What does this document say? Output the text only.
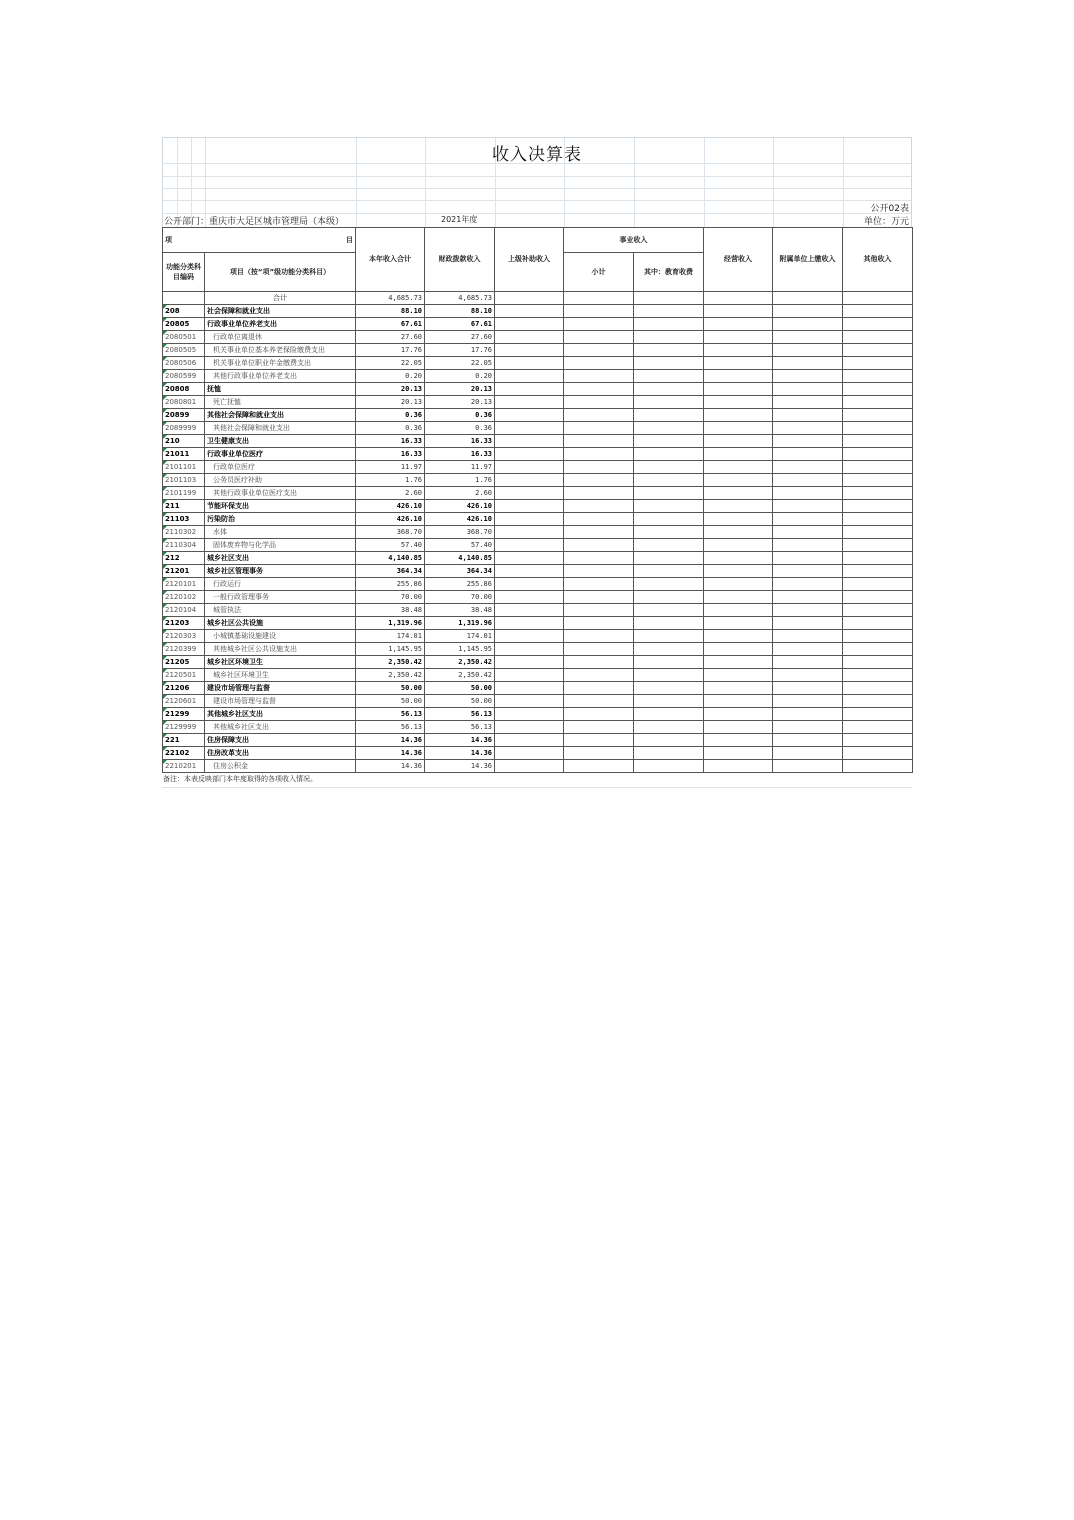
收入决算表
公开02表
公开部门：重庆市大足区城市管理局（本级）	2021年度	单位：万元
项 目		本年收入合计	财政拨款收入	上级补助收入	事业收入		经营收入	附属单位上缴收入	其他收入
功能分类科目编码	项目（按“项”级功能分类科目）				小计	其中：教育收费			

	合计	4,685.73	4,685.73						
208	社会保障和就业支出	88.10	88.10						
20805	行政事业单位养老支出	67.61	67.61						
2080501	行政单位离退休	27.60	27.60						
2080505	机关事业单位基本养老保险缴费支出	17.76	17.76						
2080506	机关事业单位职业年金缴费支出	22.05	22.05						
2080599	其他行政事业单位养老支出	0.20	0.20						
20808	抚恤	20.13	20.13						
2080801	死亡抚恤	20.13	20.13						
20899	其他社会保障和就业支出	0.36	0.36						
2089999	其他社会保障和就业支出	0.36	0.36						
210	卫生健康支出	16.33	16.33						
21011	行政事业单位医疗	16.33	16.33						
2101101	行政单位医疗	11.97	11.97						
2101103	公务员医疗补助	1.76	1.76						
2101199	其他行政事业单位医疗支出	2.60	2.60						
211	节能环保支出	426.10	426.10						
21103	污染防治	426.10	426.10						
2110302	水体	368.70	368.70						
2110304	固体废弃物与化学品	57.40	57.40						
212	城乡社区支出	4,140.85	4,140.85						
21201	城乡社区管理事务	364.34	364.34						
2120101	行政运行	255.86	255.86						
2120102	一般行政管理事务	70.00	70.00						
2120104	城管执法	38.48	38.48						
21203	城乡社区公共设施	1,319.96	1,319.96						
2120303	小城镇基础设施建设	174.01	174.01						
2120399	其他城乡社区公共设施支出	1,145.95	1,145.95						
21205	城乡社区环境卫生	2,350.42	2,350.42						
2120501	城乡社区环境卫生	2,350.42	2,350.42						
21206	建设市场管理与监督	50.00	50.00						
2120601	建设市场管理与监督	50.00	50.00						
21299	其他城乡社区支出	56.13	56.13						
2129999	其他城乡社区支出	56.13	56.13						
221	住房保障支出	14.36	14.36						
22102	住房改革支出	14.36	14.36						
2210201	住房公积金	14.36	14.36						
备注：本表反映部门本年度取得的各项收入情况。
